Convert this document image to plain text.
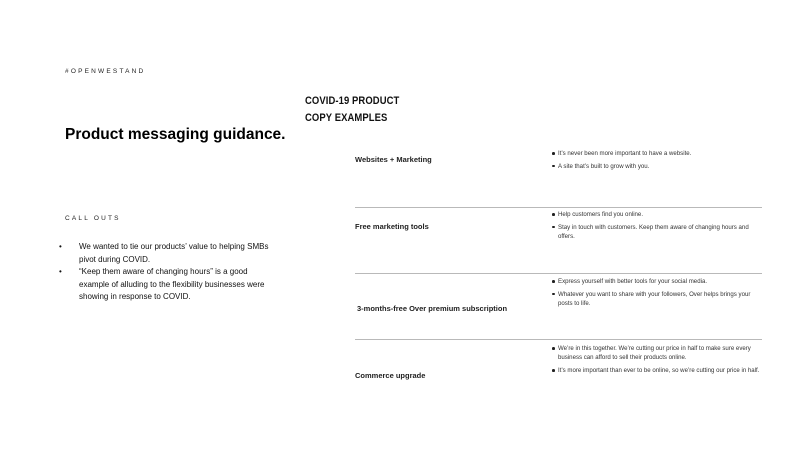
#OPENWESTAND
Product messaging guidance.
CALL OUTS
• We wanted to tie our products’ value to helping SMBs pivot during COVID.
• “Keep them aware of changing hours” is a good example of alluding to the flexibility businesses were showing in response to COVID.
COVID-19 PRODUCT
COPY EXAMPLES
Websites + Marketing
It’s never been more important to have a website.
A site that’s built to grow with you.
Free marketing tools
Help customers find you online.
Stay in touch with customers. Keep them aware of changing hours and offers.
3-months-free Over premium subscription
Express yourself with better tools for your social media.
Whatever you want to share with your followers, Over helps brings your posts to life.
Commerce upgrade
We’re in this together. We’re cutting our price in half to make sure every business can afford to sell their products online.
It’s more important than ever to be online, so we’re cutting our price in half.
